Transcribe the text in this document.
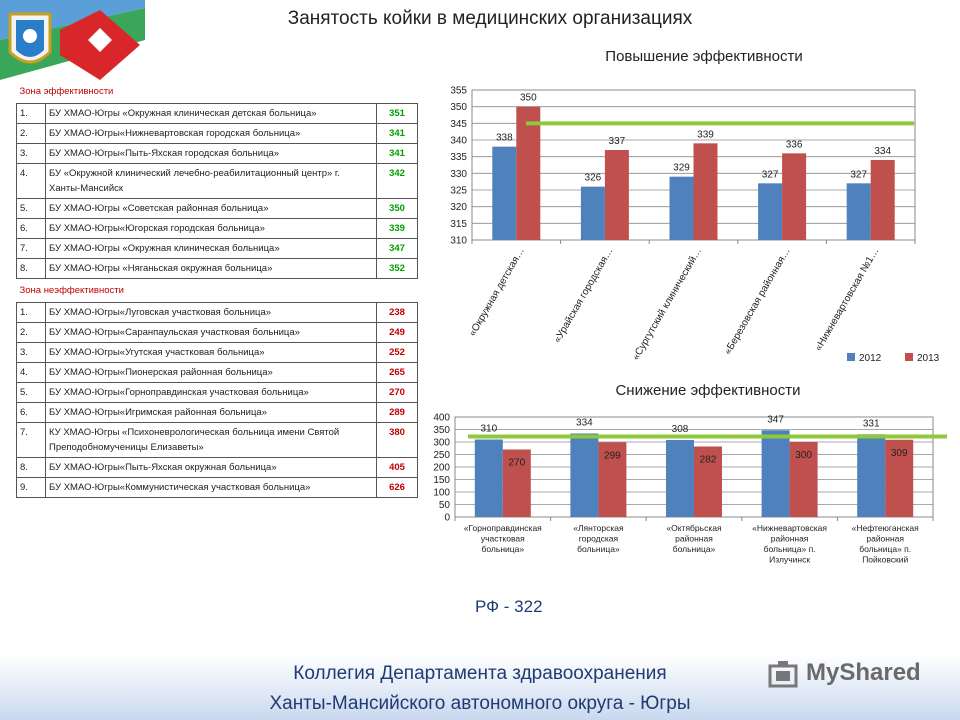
Занятость койки в медицинских организациях
Зона эффективности		
1.	БУ ХМАО-Югры «Окружная клиническая детская больница»	351
2.	БУ ХМАО-Югры«Нижневартовская городская больница»	341
3.	БУ ХМАО-Югры«Пыть-Яхская городская больница»	341
4.	БУ «Окружной клинический лечебно-реабилитационный центр» г. Ханты-Мансийск	342
5.	БУ ХМАО-Югры «Советская районная больница»	350
6.	БУ ХМАО-Югры«Югорская городская больница»	339
7.	БУ ХМАО-Югры «Окружная клиническая больница»	347
8.	БУ ХМАО-Югры «Няганьская окружная больница»	352
Зона неэффективности		
1.	БУ ХМАО-Югры«Луговская участковая больница»	238
2.	БУ ХМАО-Югры«Саранпаульская участковая больница»	249
3.	БУ ХМАО-Югры«Угутская участковая больница»	252
4.	БУ ХМАО-Югры«Пионерская районная больница»	265
5.	БУ ХМАО-Югры«Горноправдинская участковая больница»	270
6.	БУ ХМАО-Югры«Игримская районная больница»	289
7.	КУ ХМАО-Югры «Психоневрологическая больница имени Святой Преподобномученицы Елизаветы»	380
8.	БУ ХМАО-Югры«Пыть-Яхская окружная больница»	405
9.	БУ ХМАО-Югры«Коммунистическая участковая больница»	626
Повышение эффективности
310
315
320
325
330
335
340
345
350
355
338
350
«Окружная детская…
326
337
«Урайская городская…
329
339
«Сургутский клинический…
327
336
«Березовская районная…
327
334
«Нижневартовская №1…
2012	2013
Снижение эффективности
0
50
100
150
200
250
300
350
400
310
270
«Горноправдинская участковая больница»
334
299
«Лянторская городская больница»
308
282
«Октябрьская районная больница»
347
300
«Нижневартовская районная больница» п. Излучинск
331
309
«Нефтеюганская районная больница» п. Пойковский
РФ - 322
Коллегия Департамента здравоохранения
Ханты-Мансийского автономного округа - Югры
MyShared
